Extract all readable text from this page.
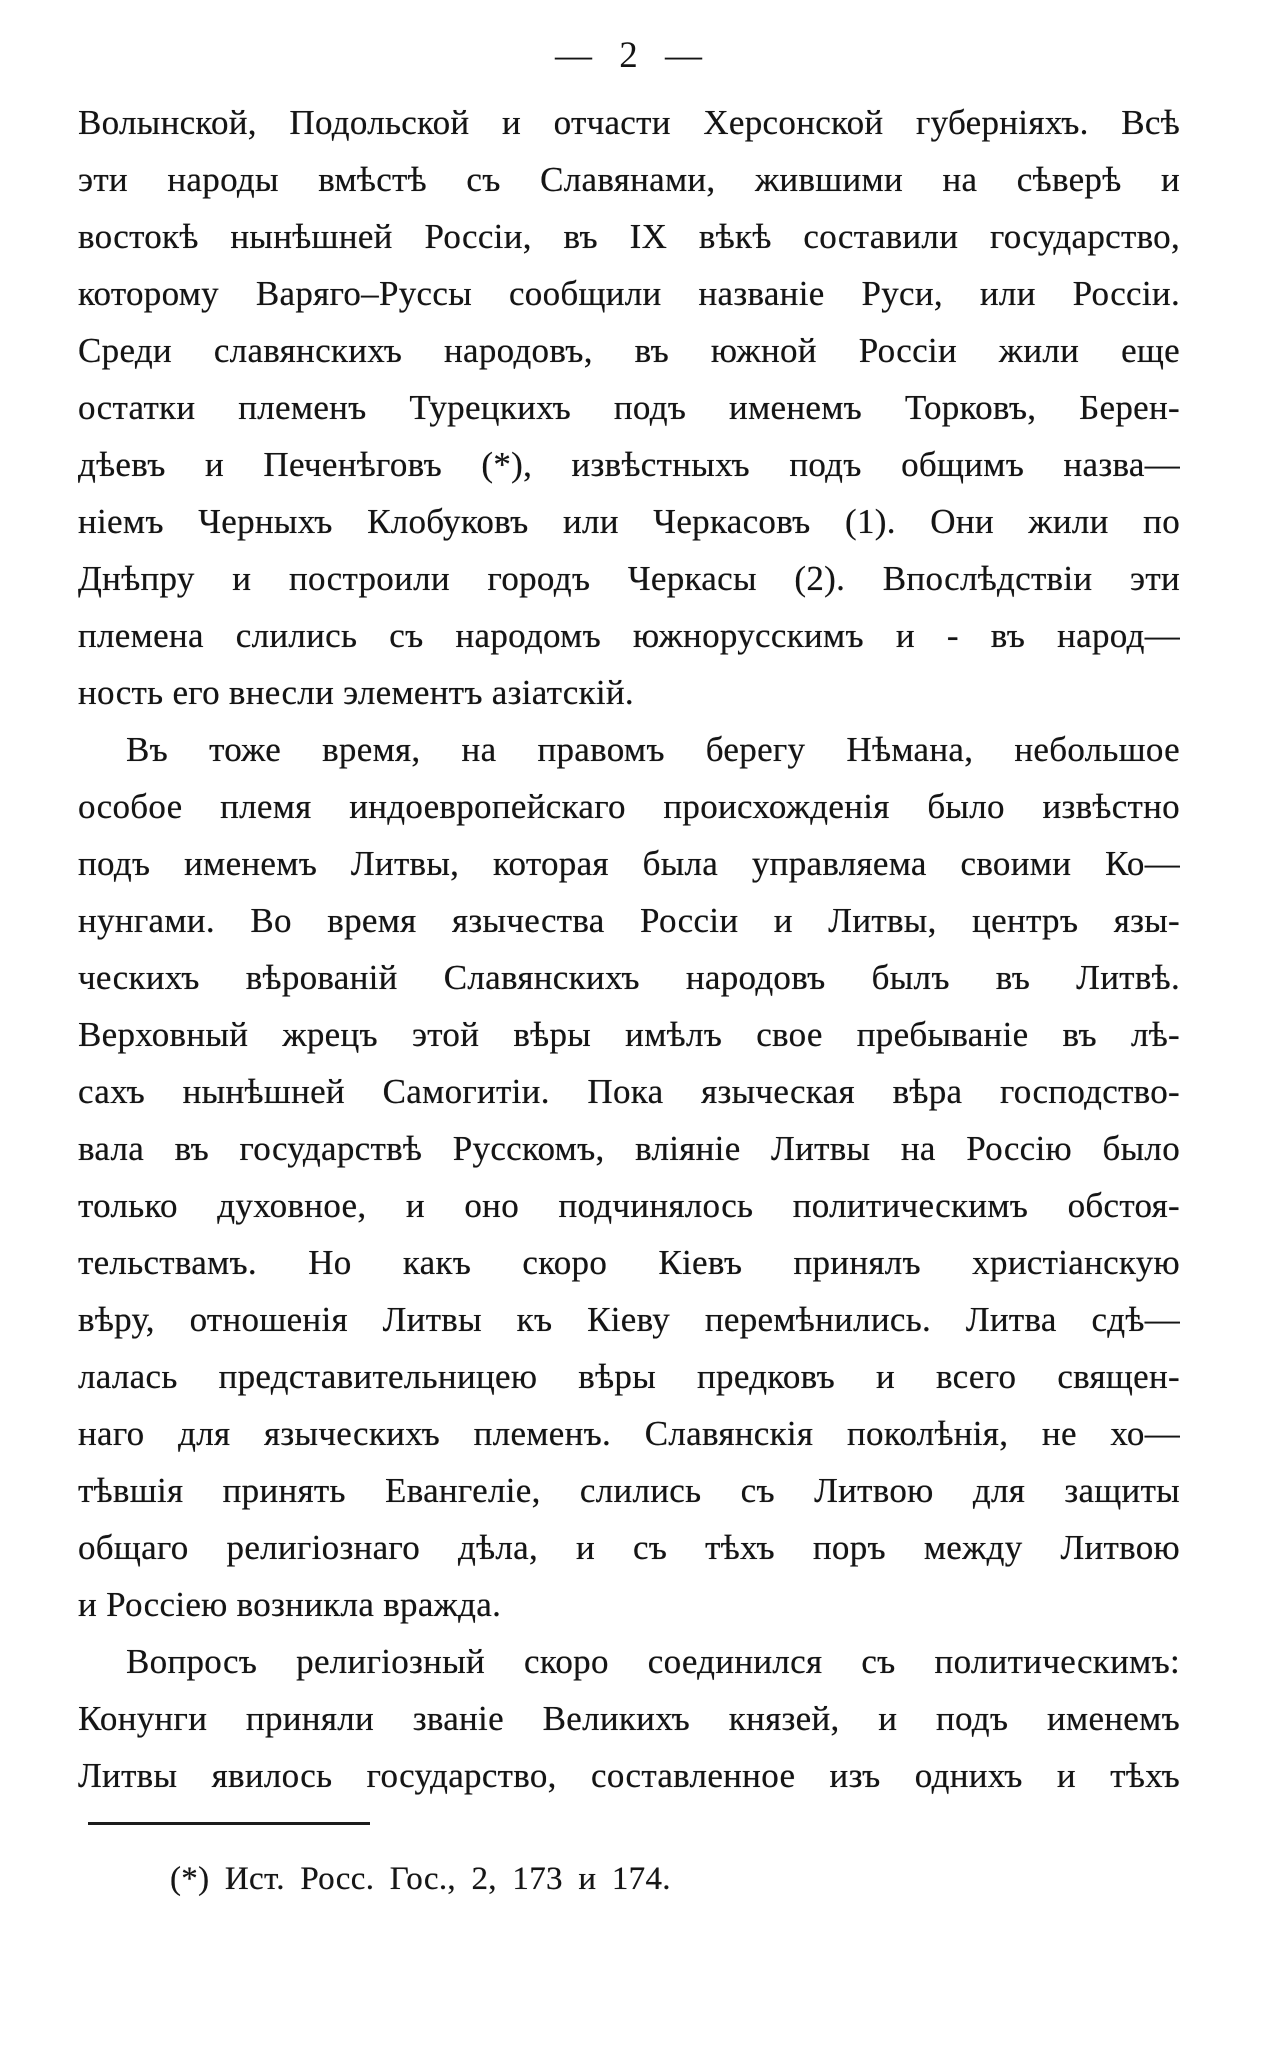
— 2 —
Волынской, Подольской и отчасти Херсонской губерніяхъ. Всѣ
эти народы вмѣстѣ съ Славянами, жившими на сѣверѣ и
востокѣ нынѣшней Россіи, въ IX вѣкѣ составили государство,
которому Варяго–Руссы сообщили названіе Руси, или Россіи.
Среди славянскихъ народовъ, въ южной Россіи жили еще
остатки племенъ Турецкихъ подъ именемъ Торковъ, Берен-
дѣевъ и Печенѣговъ (*), извѣстныхъ подъ общимъ назва—
ніемъ Черныхъ Клобуковъ или Черкасовъ (1). Они жили по
Днѣпру и построили городъ Черкасы (2). Впослѣдствіи эти
племена слились съ народомъ южнорусскимъ и - въ народ—
ность его внесли элементъ азіатскій.
Въ тоже время, на правомъ берегу Нѣмана, небольшое
особое племя индоевропейскаго происхожденія было извѣстно
подъ именемъ Литвы, которая была управляема своими Ко—
нунгами. Во время язычества Россіи и Литвы, центръ язы-
ческихъ вѣрованій Славянскихъ народовъ былъ въ Литвѣ.
Верховный жрецъ этой вѣры имѣлъ свое пребываніе въ лѣ-
сахъ нынѣшней Самогитіи. Пока языческая вѣра господство-
вала въ государствѣ Русскомъ, вліяніе Литвы на Россію было
только духовное, и оно подчинялось политическимъ обстоя-
тельствамъ. Но какъ скоро Кіевъ принялъ христіанскую
вѣру, отношенія Литвы къ Кіеву перемѣнились. Литва сдѣ—
лалась представительницею вѣры предковъ и всего священ-
наго для языческихъ племенъ. Славянскія поколѣнія, не хо—
тѣвшія принять Евангеліе, слились съ Литвою для защиты
общаго религіознаго дѣла, и съ тѣхъ поръ между Литвою
и Россіею возникла вражда.
Вопросъ религіозный скоро соединился съ политическимъ:
Конунги приняли званіе Великихъ князей, и подъ именемъ
Литвы явилось государство, составленное изъ однихъ и тѣхъ
(*) Ист. Росс. Гос., 2, 173 и 174.
